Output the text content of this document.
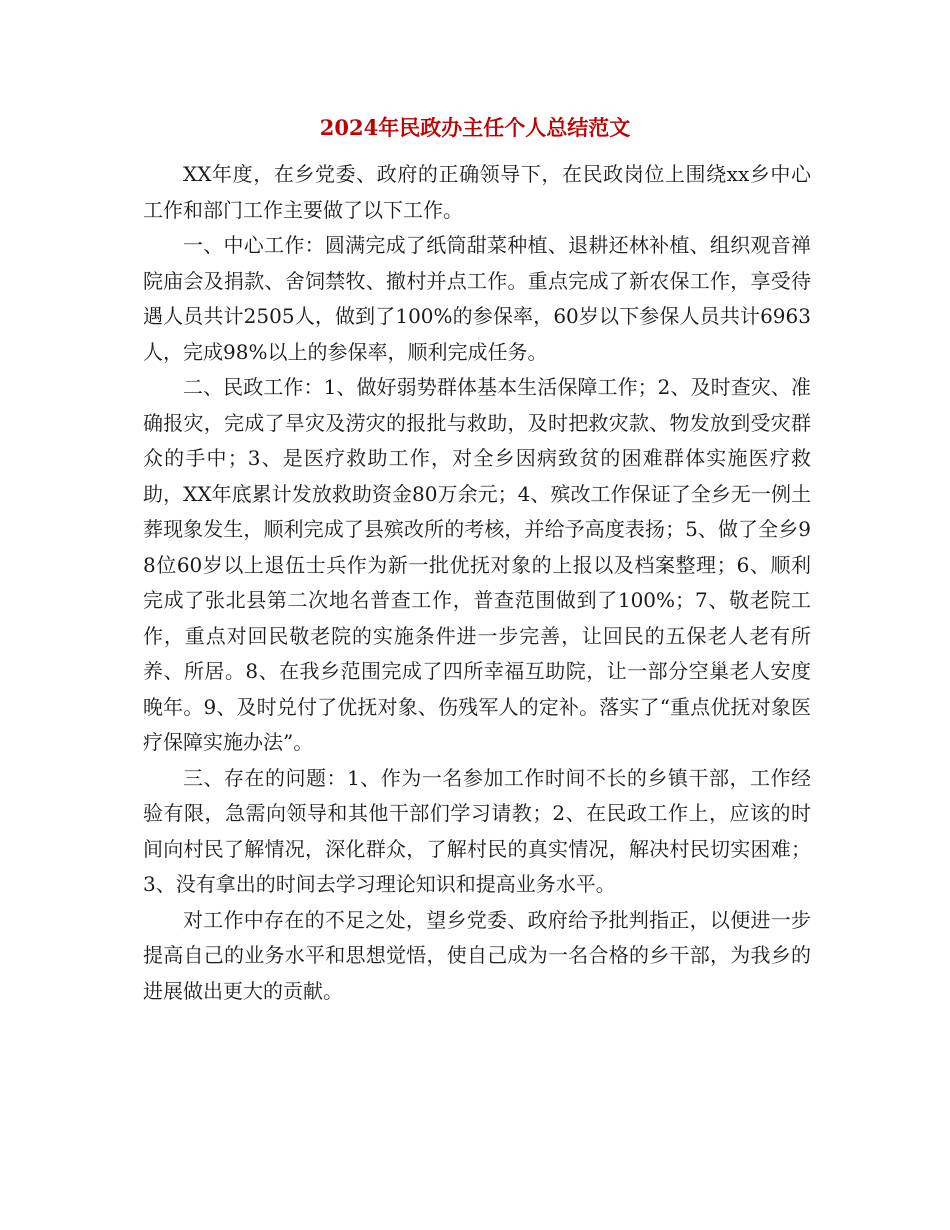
2024年民政办主任个人总结范文

XX年度，在乡党委、政府的正确领导下，在民政岗位上围绕xx乡中心工作和部门工作主要做了以下工作。

一、中心工作：圆满完成了纸筒甜菜种植、退耕还林补植、组织观音禅院庙会及捐款、舍饲禁牧、撤村并点工作。重点完成了新农保工作，享受待遇人员共计2505人，做到了100%的参保率，60岁以下参保人员共计6963人，完成98%以上的参保率，顺利完成任务。

二、民政工作：1、做好弱势群体基本生活保障工作；2、及时查灾、准确报灾，完成了旱灾及涝灾的报批与救助，及时把救灾款、物发放到受灾群众的手中；3、是医疗救助工作，对全乡因病致贫的困难群体实施医疗救助，XX年底累计发放救助资金80万余元；4、殡改工作保证了全乡无一例土葬现象发生，顺利完成了县殡改所的考核，并给予高度表扬；5、做了全乡98位60岁以上退伍士兵作为新一批优抚对象的上报以及档案整理；6、顺利完成了张北县第二次地名普查工作，普查范围做到了100%；7、敬老院工作，重点对回民敬老院的实施条件进一步完善，让回民的五保老人老有所养、所居。8、在我乡范围完成了四所幸福互助院，让一部分空巢老人安度晚年。9、及时兑付了优抚对象、伤残军人的定补。落实了“重点优抚对象医疗保障实施办法”。

三、存在的问题：1、作为一名参加工作时间不长的乡镇干部，工作经验有限，急需向领导和其他干部们学习请教；2、在民政工作上，应该的时间向村民了解情况，深化群众，了解村民的真实情况，解决村民切实困难；3、没有拿出的时间去学习理论知识和提高业务水平。

对工作中存在的不足之处，望乡党委、政府给予批判指正，以便进一步提高自己的业务水平和思想觉悟，使自己成为一名合格的乡干部，为我乡的进展做出更大的贡献。
